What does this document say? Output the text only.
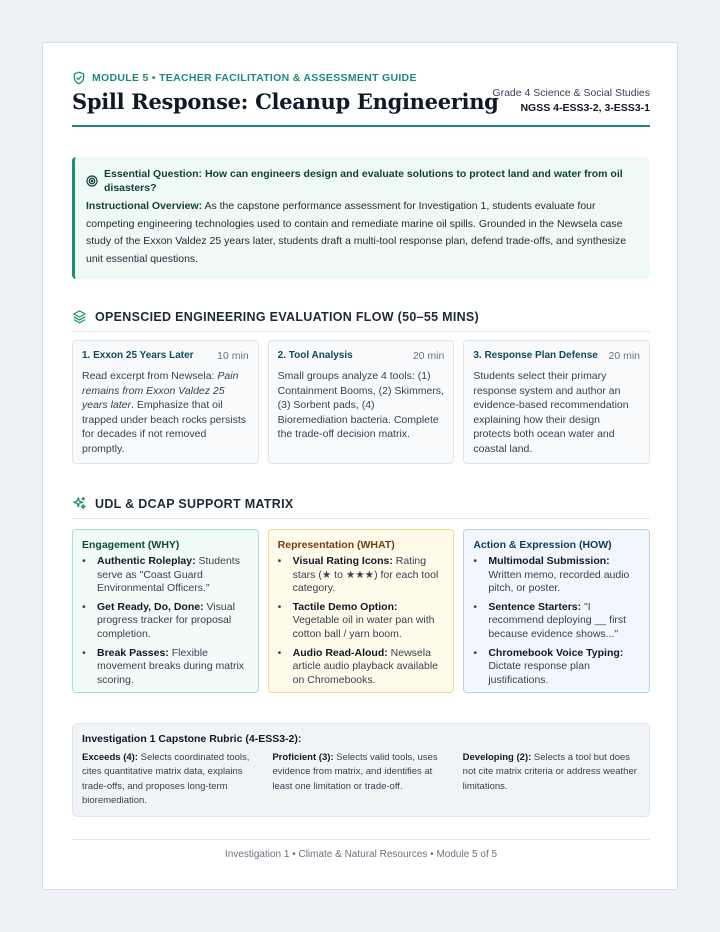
MODULE 5 • TEACHER FACILITATION & ASSESSMENT GUIDE
Spill Response: Cleanup Engineering
Grade 4 Science & Social Studies
NGSS 4-ESS3-2, 3-ESS3-1
Essential Question: How can engineers design and evaluate solutions to protect land and water from oil disasters?
Instructional Overview: As the capstone performance assessment for Investigation 1, students evaluate four competing engineering technologies used to contain and remediate marine oil spills. Grounded in the Newsela case study of the Exxon Valdez 25 years later, students draft a multi-tool response plan, defend trade-offs, and synthesize unit essential questions.
OPENSCIED ENGINEERING EVALUATION FLOW (50–55 MINS)
1. Exxon 25 Years Later 10 min
Read excerpt from Newsela: Pain remains from Exxon Valdez 25 years later. Emphasize that oil trapped under beach rocks persists for decades if not removed promptly.
2. Tool Analysis	20 min
Small groups analyze 4 tools: (1) Containment Booms, (2) Skimmers, (3) Sorbent pads, (4) Bioremediation bacteria. Complete the trade-off decision matrix.
3. Response Plan Defense 20 min
Students select their primary response system and author an evidence-based recommendation explaining how their design protects both ocean water and coastal land.
UDL & DCAP SUPPORT MATRIX
Engagement (WHY)
• Authentic Roleplay: Students serve as "Coast Guard Environmental Officers."
• Get Ready, Do, Done: Visual progress tracker for proposal completion.
• Break Passes: Flexible movement breaks during matrix scoring.
Representation (WHAT)
• Visual Rating Icons: Rating stars (★ to ★★★) for each tool category.
• Tactile Demo Option: Vegetable oil in water pan with cotton ball / yarn boom.
• Audio Read-Aloud: Newsela article audio playback available on Chromebooks.
Action & Expression (HOW)
• Multimodal Submission: Written memo, recorded audio pitch, or poster.
• Sentence Starters: "I recommend deploying __ first because evidence shows..."
• Chromebook Voice Typing: Dictate response plan justifications.
Investigation 1 Capstone Rubric (4-ESS3-2):
Exceeds (4): Selects coordinated tools, cites quantitative matrix data, explains trade-offs, and proposes long-term bioremediation.
Proficient (3): Selects valid tools, uses evidence from matrix, and identifies at least one limitation or trade-off.
Developing (2): Selects a tool but does not cite matrix criteria or address weather limitations.
Investigation 1 • Climate & Natural Resources • Module 5 of 5
